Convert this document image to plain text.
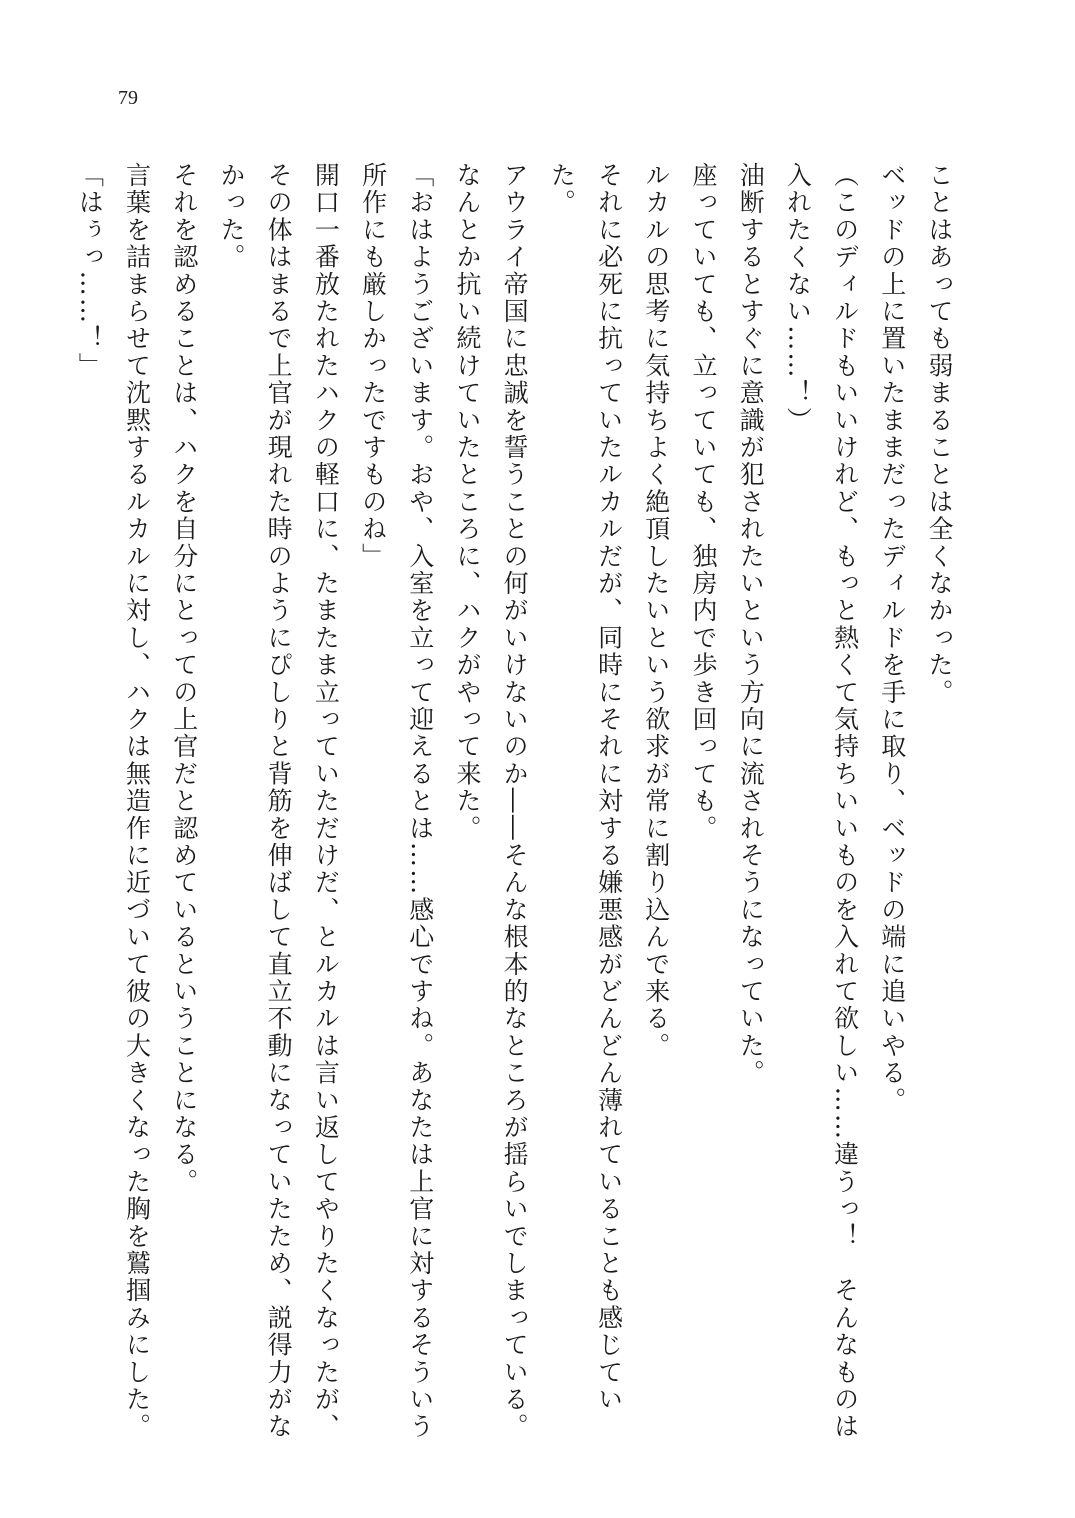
79

ことはあっても弱まることは全くなかった。

ベッドの上に置いたままだったディルドを手に取り、ベッドの端に追いやる。

（このディルドもいいけれど、もっと熱くて気持ちいいものを入れて欲しい……違うっ！　そんなものは入れたくない……！）

油断するとすぐに意識が犯されたいという方向に流されそうになっていた。

座っていても、立っていても、独房内で歩き回っても。

ルカルの思考に気持ちよく絶頂したいという欲求が常に割り込んで来る。

それに必死に抗っていたルカルだが、同時にそれに対する嫌悪感がどんどん薄れていることも感じていた。

アウライ帝国に忠誠を誓うことの何がいけないのか――そんな根本的なところが揺らいでしまっている。

なんとか抗い続けていたところに、ハクがやって来た。

「おはようございます。おや、入室を立って迎えるとは……感心ですね。あなたは上官に対するそういう所作にも厳しかったですものね」

開口一番放たれたハクの軽口に、たまたま立っていただけだ、とルカルは言い返してやりたくなったが、その体はまるで上官が現れた時のようにぴしりと背筋を伸ばして直立不動になっていたため、説得力がなかった。

それを認めることは、ハクを自分にとっての上官だと認めているということになる。

言葉を詰まらせて沈黙するルカルに対し、ハクは無造作に近づいて彼の大きくなった胸を鷲掴みにした。

「はぅっ……！」
